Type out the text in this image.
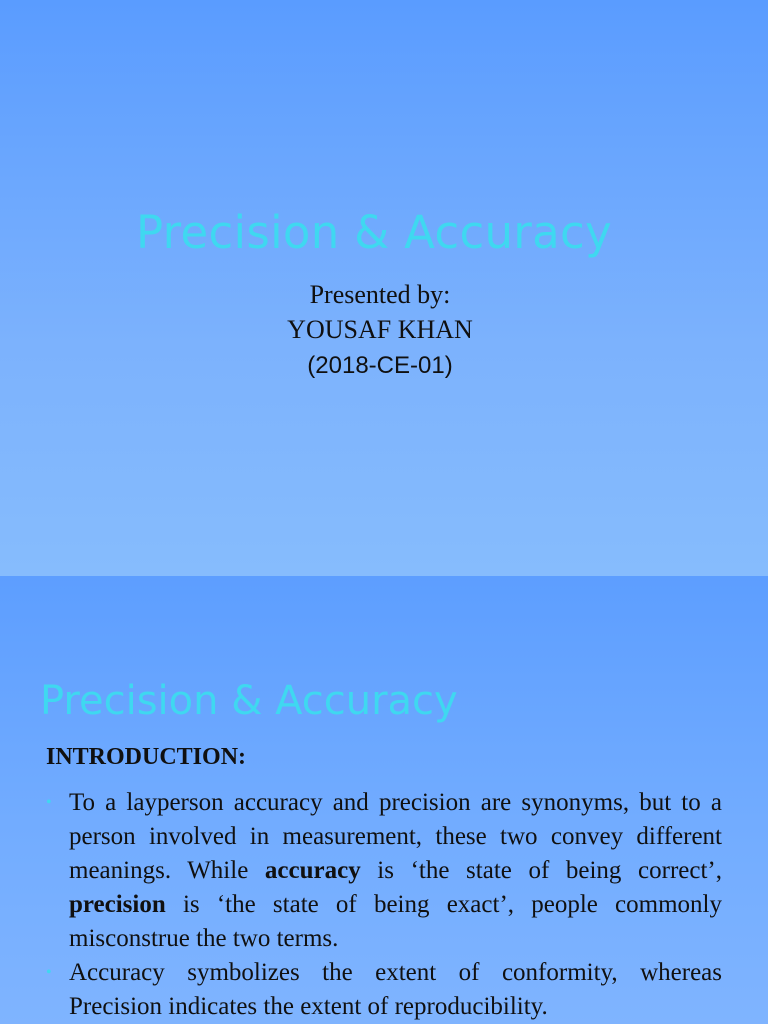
Precision & Accuracy
Presented by:
YOUSAF KHAN
(2018-CE-01)
Precision & Accuracy
INTRODUCTION:
• To a layperson accuracy and precision are synonyms, but to a person involved in measurement, these two convey different meanings. While accuracy is ‘the state of being correct’, precision is ‘the state of being exact’, people commonly misconstrue the two terms.
• Accuracy symbolizes the extent of conformity, whereas Precision indicates the extent of reproducibility.
